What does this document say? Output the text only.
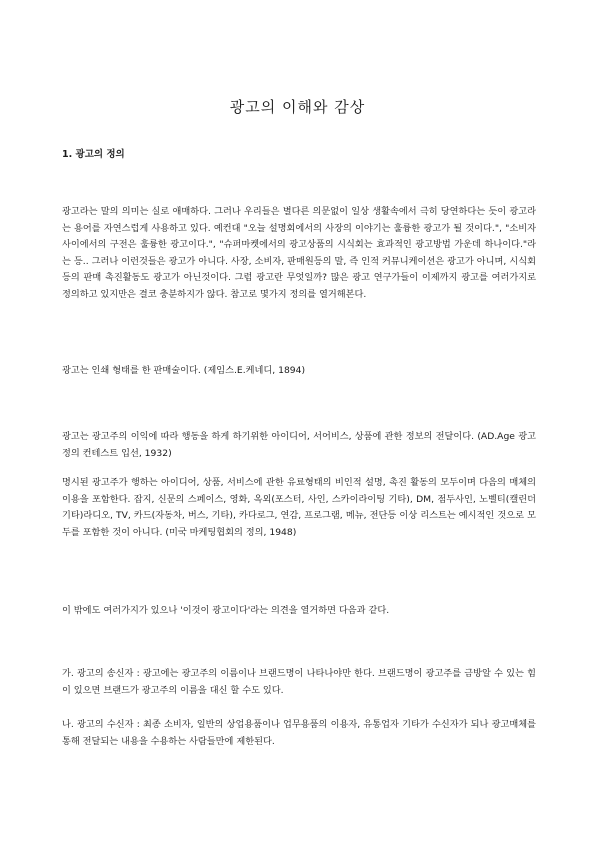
광고의 이해와 감상
1. 광고의 정의

광고라는 말의 의미는 실로 애매하다. 그러나 우리들은 별다른 의문없이 일상 생활속에서 극히 당연하다는 듯이 광고라는 용어를 자연스럽게 사용하고 있다. 예컨대 "오늘 설명회에서의 사장의 이야기는 훌륭한 광고가 될 것이다.", "소비자 사이에서의 구전은 훌륭한 광고이다.", "슈퍼마켓에서의 광고상품의 시식회는 효과적인 광고방법 가운데 하나이다."라는 등.. 그러나 이런것들은 광고가 아니다. 사장, 소비자, 판매원등의 말, 즉 인적 커뮤니케이션은 광고가 아니며, 시식회등의 판매 촉진활동도 광고가 아닌것이다. 그럼 광고란 무엇일까? 많은 광고 연구가들이 이제까지 광고를 여러가지로 정의하고 있지만은 결코 충분하지가 않다. 참고로 몇가지 정의를 열거해본다.

광고는 인쇄 형태를 한 판매술이다. (제임스.E.케네디, 1894)

광고는 광고주의 이익에 따라 행동을 하게 하기위한 아이디어, 서어비스, 상품에 관한 정보의 전달이다. (AD.Age 광고정의 컨테스트 입선, 1932)

명시된 광고주가 행하는 아이디어, 상품, 서비스에 관한 유료형태의 비인적 설명, 촉진 활동의 모두이며 다음의 매체의 이용을 포함한다. 잡지, 신문의 스페이스, 영화, 옥외(포스터, 사인, 스카이라이팅 기타), DM, 점두사인, 노벨티(캘린더 기타)라디오, TV, 카드(자동차, 버스, 기타), 카다로그, 연감, 프로그램, 메뉴, 전단등 이상 리스트는 예시적인 것으로 모두를 포함한 것이 아니다. (미국 마케팅협회의 정의, 1948)

이 밖에도 여러가지가 있으나 '이것이 광고이다'라는 의견을 열거하면 다음과 같다.

가. 광고의 송신자 : 광고에는 광고주의 이름이나 브랜드명이 나타나야만 한다. 브랜드명이 광고주를 금방알 수 있는 힘이 있으면 브랜드가 광고주의 이름을 대신 할 수도 있다.

나. 광고의 수신자 : 최종 소비자, 일반의 상업용품이나 업무용품의 이용자, 유통업자 기타가 수신자가 되나 광고매체를 통해 전달되는 내용을 수용하는 사람들만에 제한된다.
